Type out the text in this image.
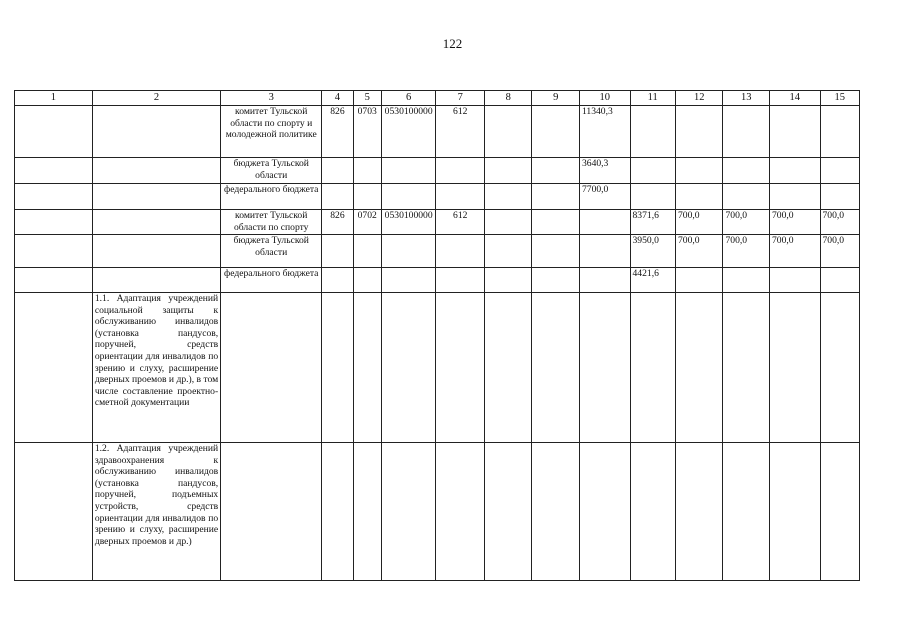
122
1	2	3	4	5	6	7	8	9	10	11	12	13	14	15
		комитет Тульской области по спорту и молодежной политике	826	0703	0530100000	612			11340,3					
		бюджета Тульской области							3640,3					
		федерального бюджета							7700,0					
		комитет Тульской области по спорту	826	0702	0530100000	612				8371,6	700,0	700,0	700,0	700,0
		бюджета Тульской области								3950,0	700,0	700,0	700,0	700,0
		федерального бюджета								4421,6				
	1.1. Адаптация учреждений социальной защиты к обслуживанию инвалидов (установка пандусов, поручней, средств ориентации для инвалидов по зрению и слуху, расширение дверных проемов и др.), в том числе составление проектно-сметной документации													
	1.2. Адаптация учреждений здравоохранения к обслуживанию инвалидов (установка пандусов, поручней, подъемных устройств, средств ориентации для инвалидов по зрению и слуху, расширение дверных проемов и др.)													
